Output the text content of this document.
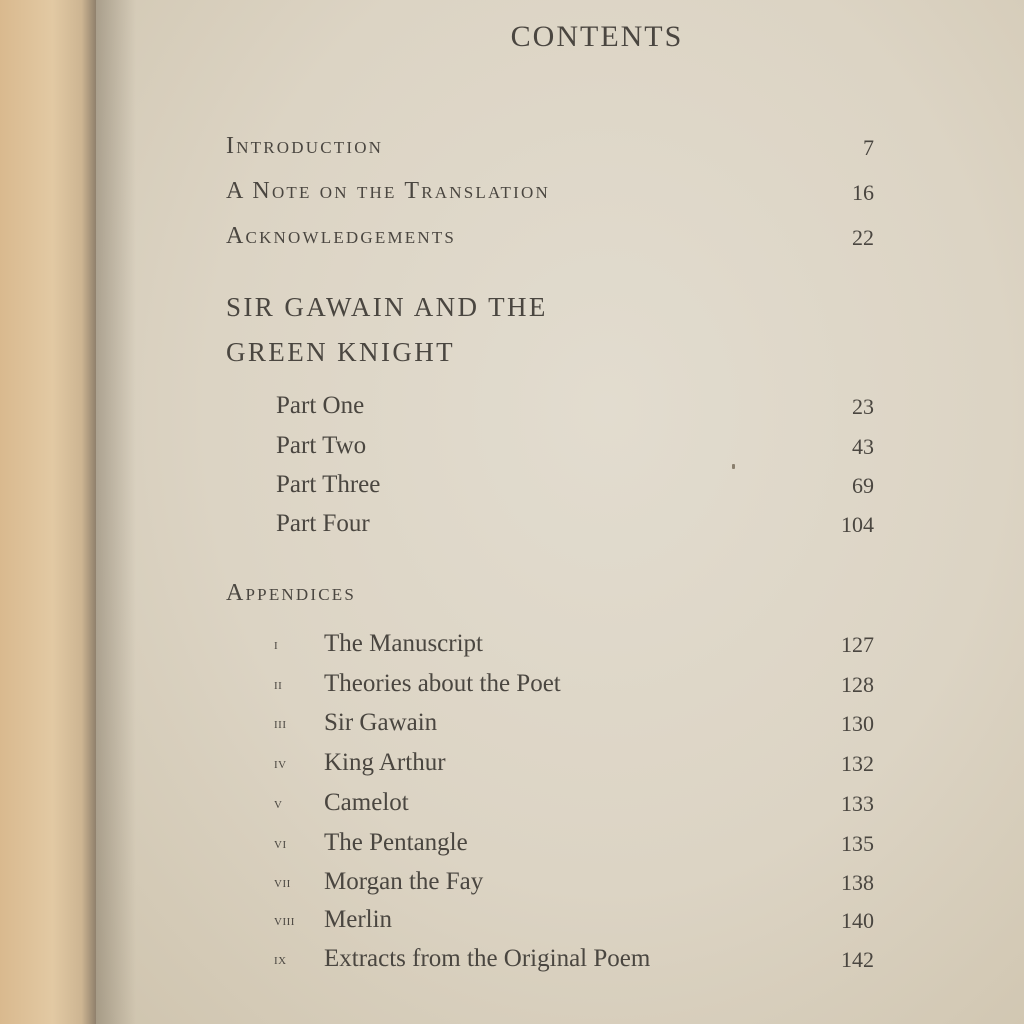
CONTENTS
Introduction	7
A Note on the Translation	16
Acknowledgements	22
SIR GAWAIN AND THE
GREEN KNIGHT
Part One	23
Part Two	43
Part Three	69
Part Four	104
Appendices
i The Manuscript	127
ii Theories about the Poet	128
iii Sir Gawain	130
iv King Arthur	132
v Camelot	133
vi The Pentangle	135
vii Morgan the Fay	138
viii Merlin	140
ix Extracts from the Original Poem	142
